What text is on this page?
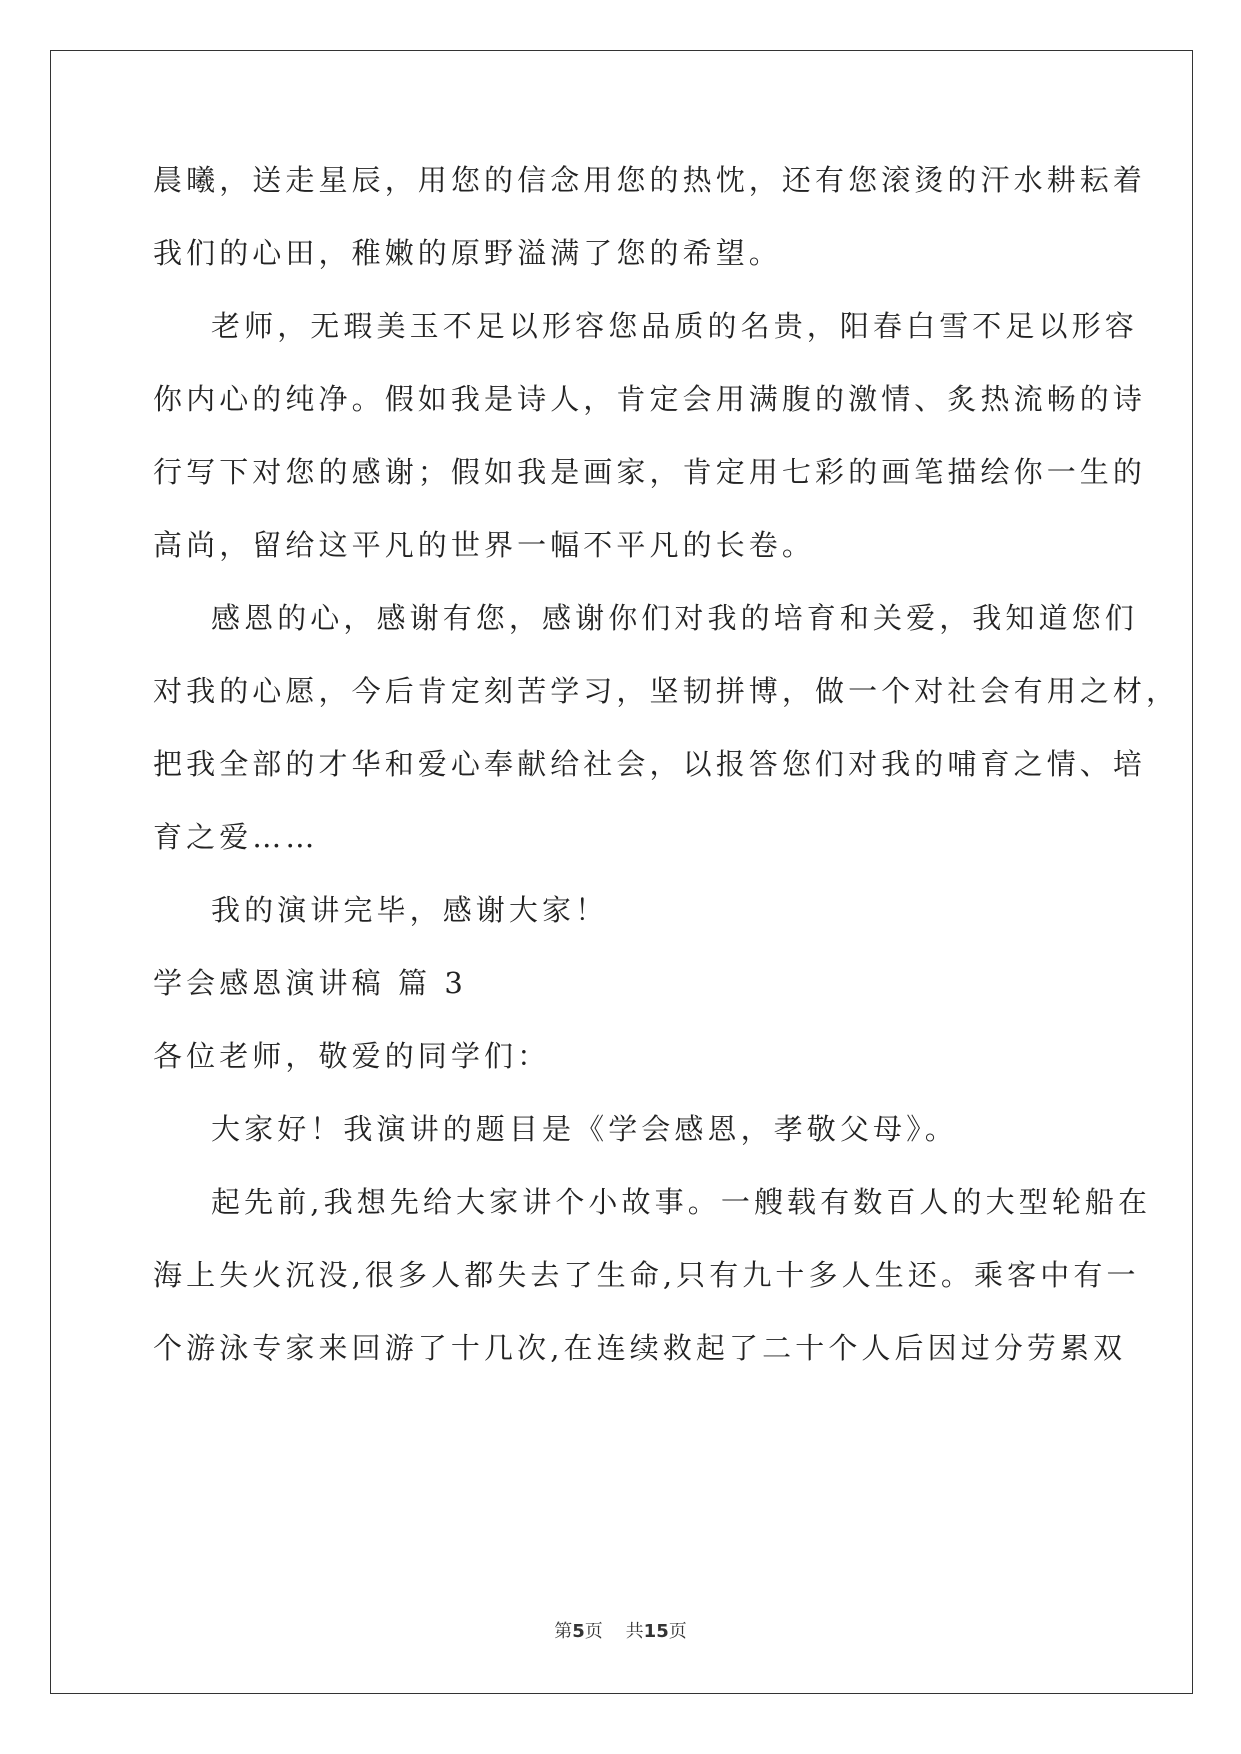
晨曦，送走星辰，用您的信念用您的热忱，还有您滚烫的汗水耕耘着
我们的心田，稚嫩的原野溢满了您的希望。
老师，无瑕美玉不足以形容您品质的名贵，阳春白雪不足以形容
你内心的纯净。假如我是诗人，肯定会用满腹的激情、炙热流畅的诗
行写下对您的感谢；假如我是画家，肯定用七彩的画笔描绘你一生的
高尚，留给这平凡的世界一幅不平凡的长卷。
感恩的心，感谢有您，感谢你们对我的培育和关爱，我知道您们
对我的心愿，今后肯定刻苦学习，坚韧拼博，做一个对社会有用之材，
把我全部的才华和爱心奉献给社会，以报答您们对我的哺育之情、培
育之爱……
我的演讲完毕，感谢大家！
学会感恩演讲稿 篇 3
各位老师，敬爱的同学们：
大家好！我演讲的题目是《学会感恩，孝敬父母》。
起先前,我想先给大家讲个小故事。一艘载有数百人的大型轮船在
海上失火沉没,很多人都失去了生命,只有九十多人生还。乘客中有一
个游泳专家来回游了十几次,在连续救起了二十个人后因过分劳累双
第5页 共15页
